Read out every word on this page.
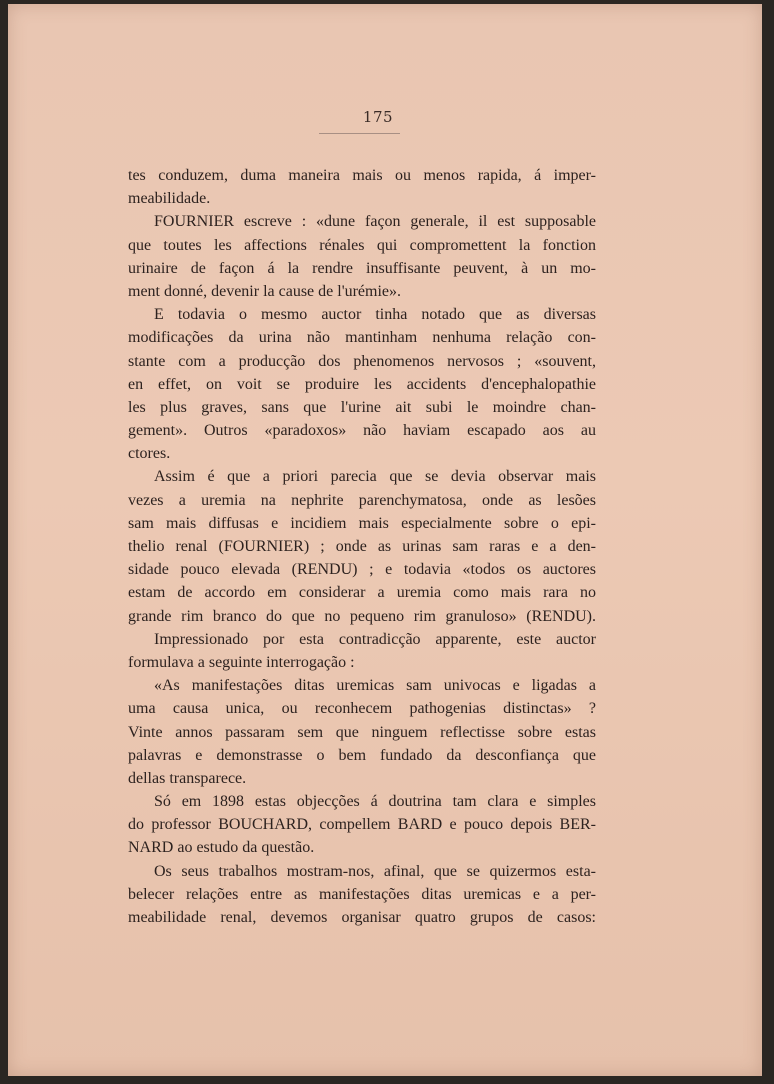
175
tes conduzem, duma maneira mais ou menos rapida, á imper-
meabilidade.
FOURNIER escreve : «dune façon generale, il est supposable
que toutes les affections rénales qui compromettent la fonction
urinaire de façon á la rendre insuffisante peuvent, à un mo-
ment donné, devenir la cause de l'urémie».
E todavia o mesmo auctor tinha notado que as diversas
modificações da urina não mantinham nenhuma relação con-
stante com a producção dos phenomenos nervosos ; «souvent,
en effet, on voit se produire les accidents d'encephalopathie
les plus graves, sans que l'urine ait subi le moindre chan-
gement». Outros «paradoxos» não haviam escapado aos au
ctores.
Assim é que a priori parecia que se devia observar mais
vezes a uremia na nephrite parenchymatosa, onde as lesões
sam mais diffusas e incidiem mais especialmente sobre o epi-
thelio renal (FOURNIER) ; onde as urinas sam raras e a den-
sidade pouco elevada (RENDU) ; e todavia «todos os auctores
estam de accordo em considerar a uremia como mais rara no
grande rim branco do que no pequeno rim granuloso» (RENDU).
Impressionado por esta contradicção apparente, este auctor
formulava a seguinte interrogação :
«As manifestações ditas uremicas sam univocas e ligadas a
uma causa unica, ou reconhecem pathogenias distinctas» ?
Vinte annos passaram sem que ninguem reflectisse sobre estas
palavras e demonstrasse o bem fundado da desconfiança que
dellas transparece.
Só em 1898 estas objecções á doutrina tam clara e simples
do professor BOUCHARD, compellem BARD e pouco depois BER-
NARD ao estudo da questão.
Os seus trabalhos mostram-nos, afinal, que se quizermos esta-
belecer relações entre as manifestações ditas uremicas e a per-
meabilidade renal, devemos organisar quatro grupos de casos:
